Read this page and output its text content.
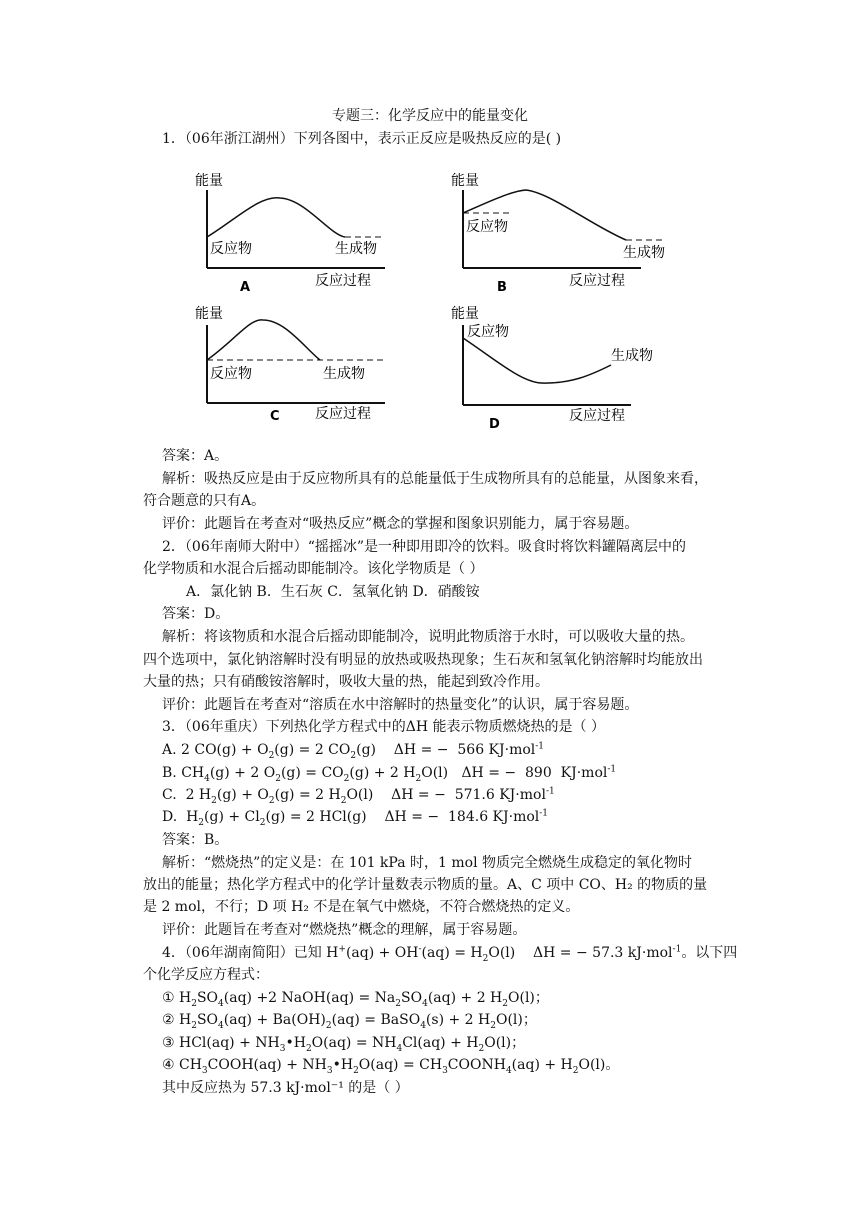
专题三：化学反应中的能量变化
1．（06年浙江湖州）下列各图中，表示正反应是吸热反应的是( )
能量
反应物	生成物
反应过程
A
能量
反应物
生成物
反应过程
B
能量
反应物	生成物
反应过程
C
能量
反应物
生成物
反应过程
D
答案：A。
解析：吸热反应是由于反应物所具有的总能量低于生成物所具有的总能量，从图象来看，
符合题意的只有A。
评价：此题旨在考查对“吸热反应”概念的掌握和图象识别能力，属于容易题。
2．（06年南师大附中）“摇摇冰”是一种即用即冷的饮料。吸食时将饮料罐隔离层中的
化学物质和水混合后摇动即能制冷。该化学物质是（ ）
A．氯化钠 B．生石灰 C．氢氧化钠 D．硝酸铵
答案：D。
解析：将该物质和水混合后摇动即能制冷，说明此物质溶于水时，可以吸收大量的热。
四个选项中，氯化钠溶解时没有明显的放热或吸热现象；生石灰和氢氧化钠溶解时均能放出
大量的热；只有硝酸铵溶解时，吸收大量的热，能起到致冷作用。
评价：此题旨在考查对“溶质在水中溶解时的热量变化”的认识，属于容易题。
3．（06年重庆）下列热化学方程式中的ΔH 能表示物质燃烧热的是（ ）
A. 2 $CO(g) + O_2(g) = 2$ $CO_2(g)$    ΔH = −  566 KJ·mol$^{-1}$
B. $CH_4(g) + 2$ $O_2(g) = CO_2(g) + 2$ $H_2O(l) \Delta H$ = −  890  KJ·mol$^{-1}$
C.  2 $H_2(g) + O_2(g) = 2$ $H_2O(l)$    ΔH = −  571.6 KJ·mol$^{-1}$
D.  $H_2(g) + Cl_2(g) = 2$ HCl(g)    ΔH = −  184.6 KJ·mol$^{-1}$
答案：B。
解析：“燃烧热”的定义是：在 101 kPa 时，1 mol 物质完全燃烧生成稳定的氧化物时
放出的能量；热化学方程式中的化学计量数表示物质的量。A、C 项中 CO、H₂ 的物质的量
是 2 mol，不行；D 项 H₂ 不是在氧气中燃烧，不符合燃烧热的定义。
评价：此题旨在考查对“燃烧热”概念的理解，属于容易题。
4．（06年湖南简阳）已知 $H^+(aq) + OH^-(aq) = H_2O(l)$    ΔH = − 57.3 kJ·mol$^{-1}$。以下四
个化学反应方程式：
① $H_2SO_4(aq) +2$ NaOH(aq) = $Na_2SO_4(aq) + 2$ $H_2O(l)$；
② $H_2SO_4(aq) + Ba(OH)_2(aq)$ = BaSO$_4$(s) + 2 $H_2O(l)$；
③ $HCl(aq) + NH_3•H_2O(aq) = NH_4Cl(aq) + H_2O(l)$；
④ $CH_3COOH(aq)$ + $NH_3•H_2O(aq)$ = $CH_3COONH_4(aq) + H_2O(l)$。
其中反应热为 57.3 kJ·mol⁻¹ 的是（ ）
